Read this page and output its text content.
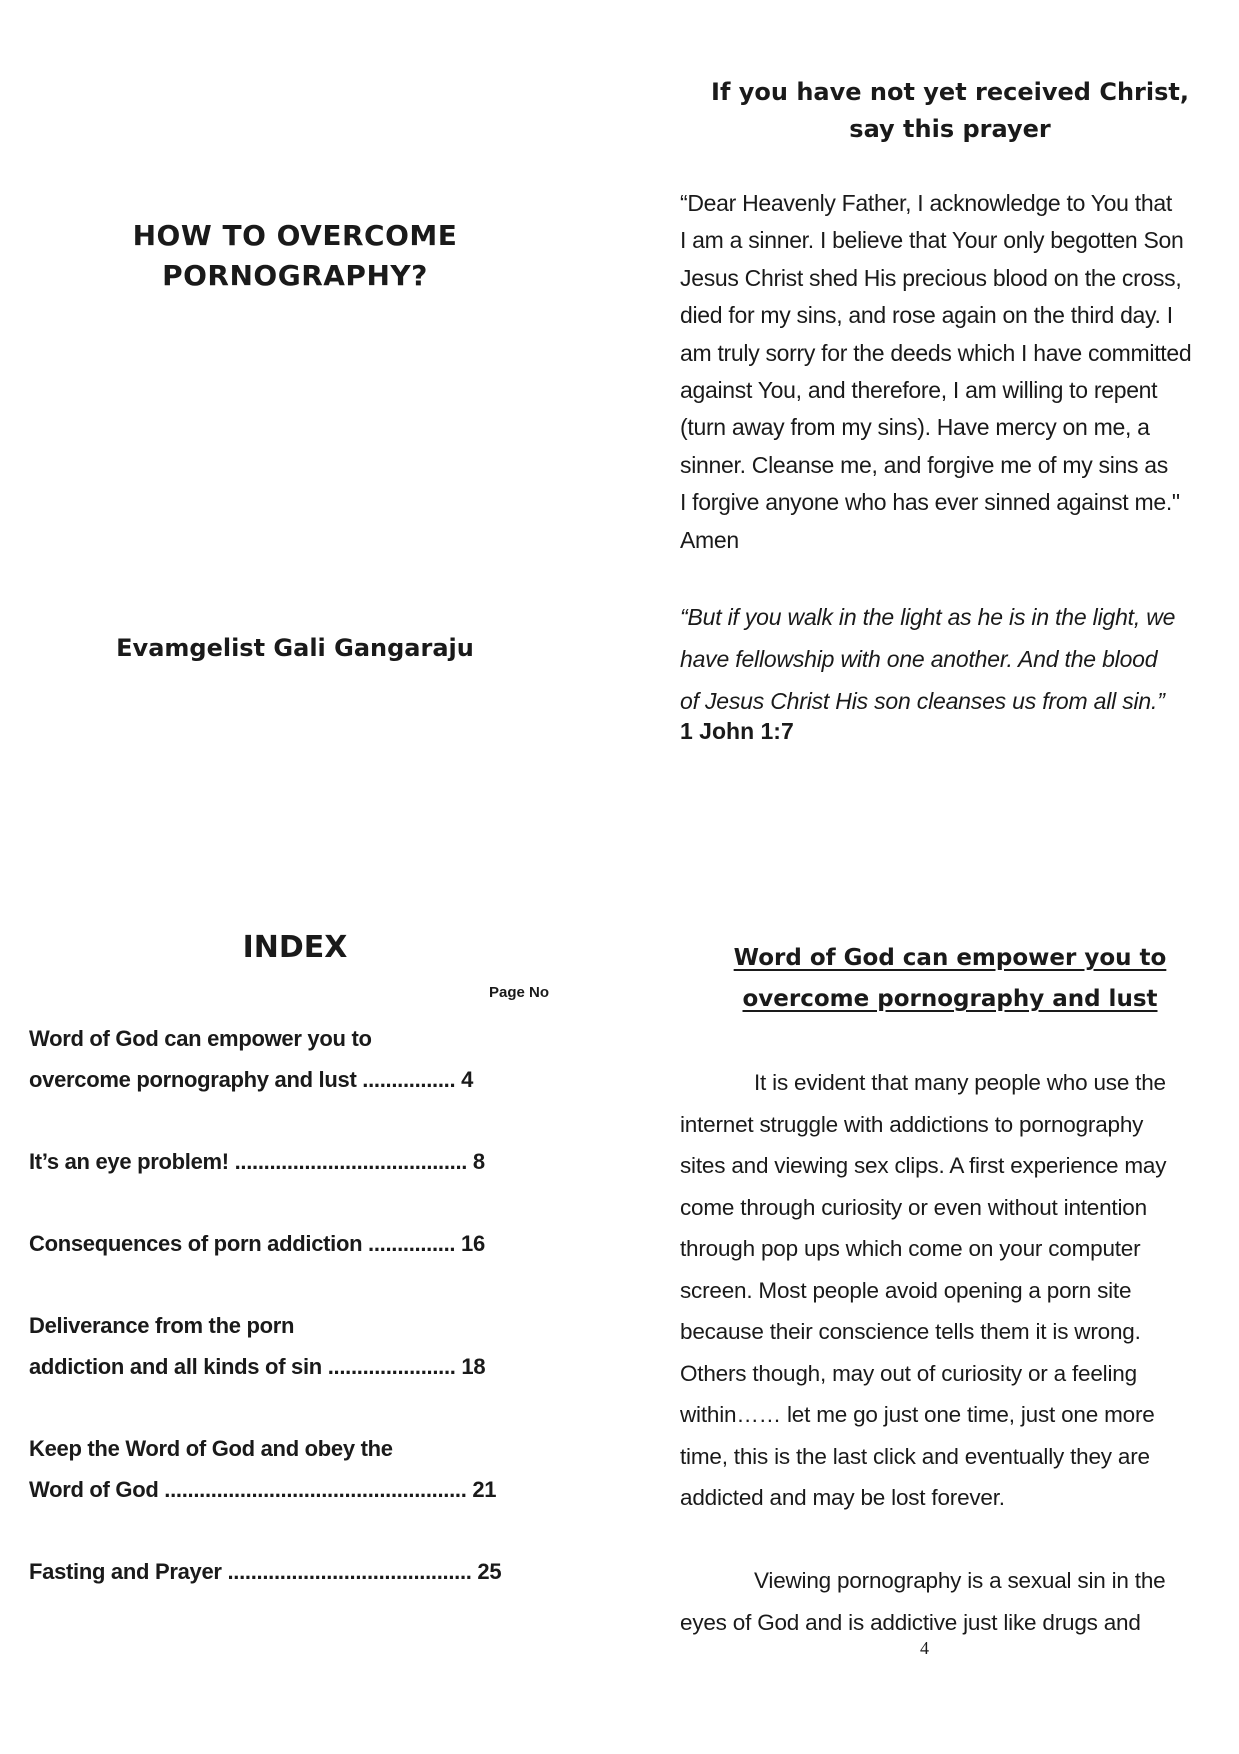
HOW TO OVERCOME
PORNOGRAPHY?
Evamgelist Gali Gangaraju
If you have not yet received Christ,
say this prayer
“Dear Heavenly Father, I acknowledge to You that
I am a sinner. I believe that Your only begotten Son
Jesus Christ shed His precious blood on the cross,
died for my sins, and rose again on the third day. I
am truly sorry for the deeds which I have committed
against You, and therefore, I am willing to repent
(turn away from my sins). Have mercy on me, a
sinner. Cleanse me, and forgive me of my sins as
I forgive anyone who has ever sinned against me."
Amen
“But if you walk in the light as he is in the light, we
have fellowship with one another. And the blood
of Jesus Christ His son cleanses us from all sin.”
1 John 1:7
INDEX
Page No
Word of God can empower you to
overcome pornography and lust ................ 4
It’s an eye problem! ........................................ 8
Consequences of porn addiction ............... 16
Deliverance from the porn
addiction and all kinds of sin ...................... 18
Keep the Word of God and obey the
Word of God .................................................... 21
Fasting and Prayer .......................................... 25
Word of God can empower you to
overcome pornography and lust
It is evident that many people who use the
internet struggle with addictions to pornography
sites and viewing sex clips. A first experience may
come through curiosity or even without intention
through pop ups which come on your computer
screen. Most people avoid opening a porn site
because their conscience tells them it is wrong.
Others though, may out of curiosity or a feeling
within…… let me go just one time, just one more
time, this is the last click and eventually they are
addicted and may be lost forever.
Viewing pornography is a sexual sin in the
eyes of God and is addictive just like drugs and
4
